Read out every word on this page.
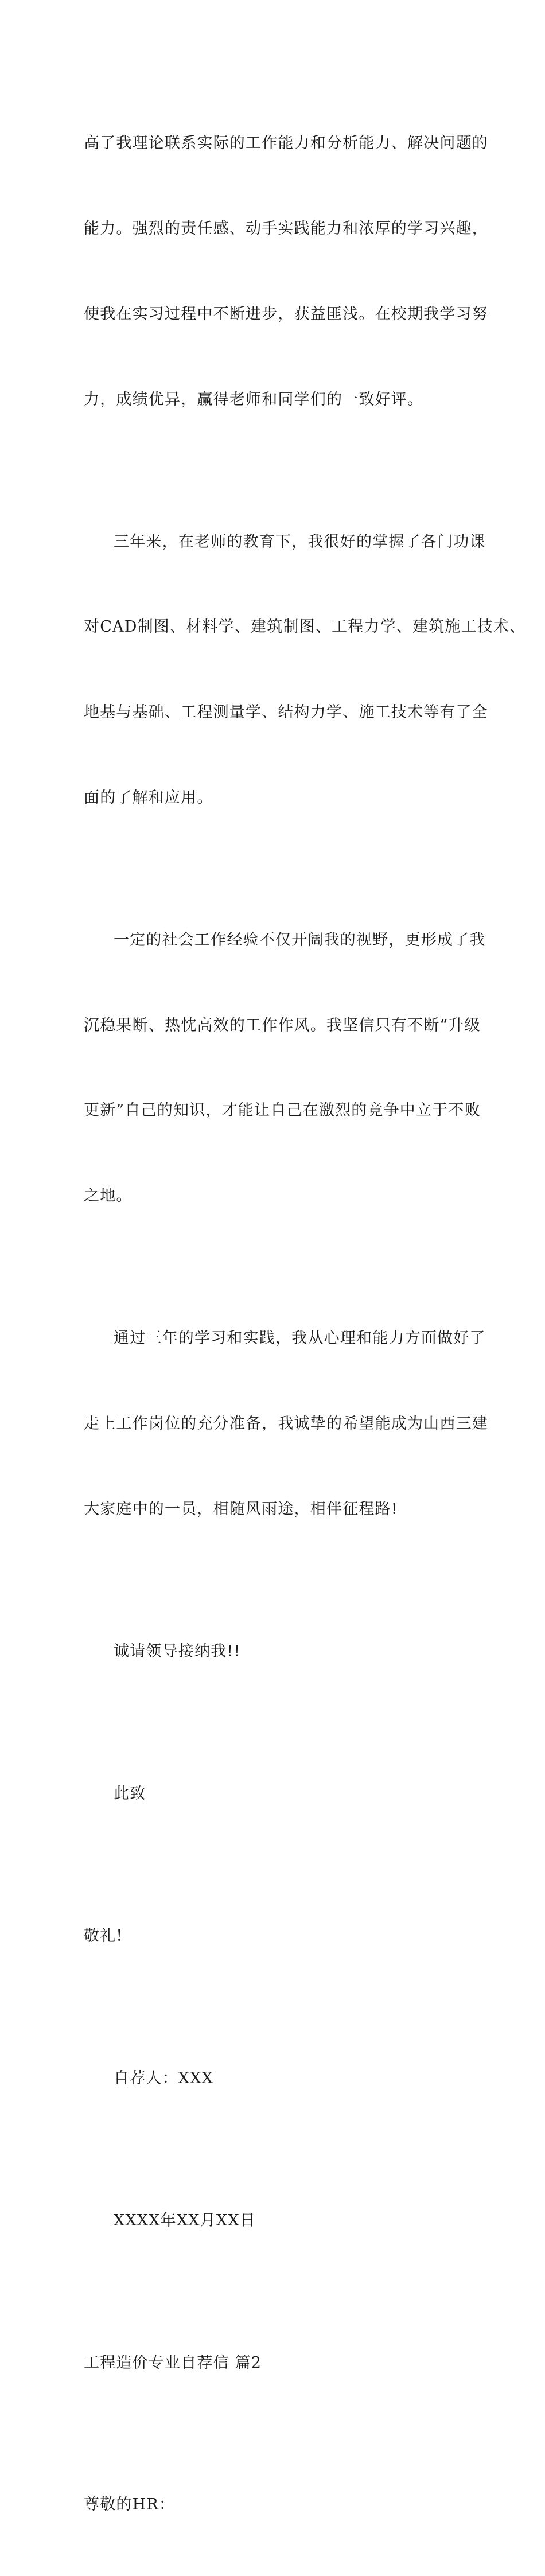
高了我理论联系实际的工作能力和分析能力、解决问题的

能力。强烈的责任感、动手实践能力和浓厚的学习兴趣，

使我在实习过程中不断进步，获益匪浅。在校期我学习努

力，成绩优异，赢得老师和同学们的一致好评。

三年来，在老师的教育下，我很好的掌握了各门功课

对CAD制图、材料学、建筑制图、工程力学、建筑施工技术、

地基与基础、工程测量学、结构力学、施工技术等有了全

面的了解和应用。

一定的社会工作经验不仅开阔我的视野，更形成了我

沉稳果断、热忱高效的工作作风。我坚信只有不断“升级

更新”自己的知识，才能让自己在激烈的竞争中立于不败

之地。

通过三年的学习和实践，我从心理和能力方面做好了

走上工作岗位的充分准备，我诚挚的希望能成为山西三建

大家庭中的一员，相随风雨途，相伴征程路!

诚请领导接纳我!!

此致

敬礼!

自荐人：XXX

XXXX年XX月XX日

工程造价专业自荐信 篇2

尊敬的HR：
